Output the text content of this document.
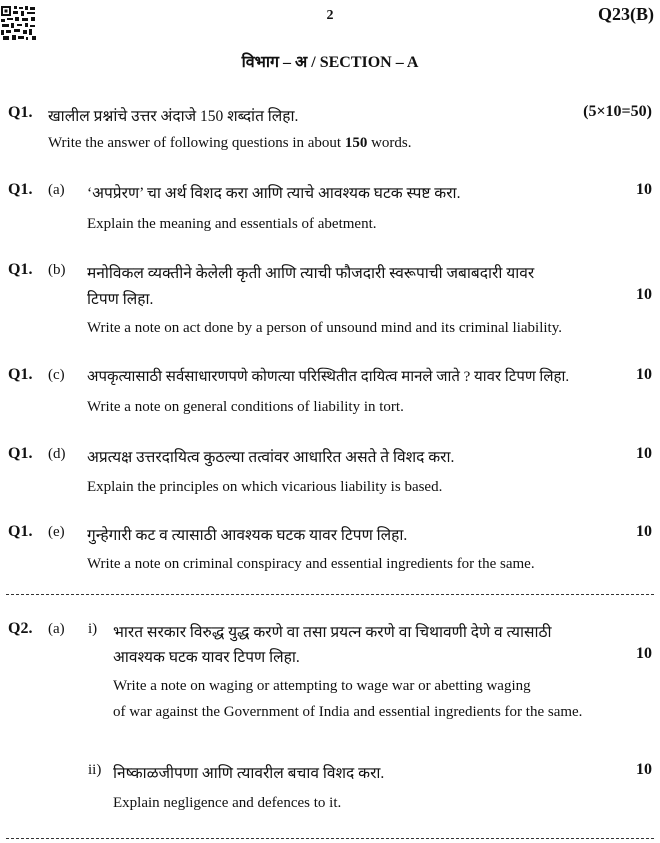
2	Q23(B)
विभाग – अ / SECTION – A
Q1. खालील प्रश्नांचे उत्तर अंदाजे 150 शब्दांत लिहा.	(5×10=50)
Write the answer of following questions in about 150 words.
Q1. (a) ‘अपप्रेरण’ चा अर्थ विशद करा आणि त्याचे आवश्यक घटक स्पष्ट करा.	10
Explain the meaning and essentials of abetment.
Q1. (b) मनोविकल व्यक्तीने केलेली कृती आणि त्याची फौजदारी स्वरूपाची जबाबदारी यावर
टिपण लिहा.	10
Write a note on act done by a person of unsound mind and its criminal liability.
Q1. (c) अपकृत्यासाठी सर्वसाधारणपणे कोणत्या परिस्थितीत दायित्व मानले जाते ? यावर टिपण लिहा.	10
Write a note on general conditions of liability in tort.
Q1. (d) अप्रत्यक्ष उत्तरदायित्व कुठल्या तत्वांवर आधारित असते ते विशद करा.	10
Explain the principles on which vicarious liability is based.
Q1. (e) गुन्हेगारी कट व त्यासाठी आवश्यक घटक यावर टिपण लिहा.	10
Write a note on criminal conspiracy and essential ingredients for the same.
Q2. (a) i) भारत सरकार विरुद्ध युद्ध करणे वा तसा प्रयत्न करणे वा चिथावणी देणे व त्यासाठी
आवश्यक घटक यावर टिपण लिहा.	10
Write a note on waging or attempting to wage war or abetting waging
of war against the Government of India and essential ingredients for the same.
ii) निष्काळजीपणा आणि त्यावरील बचाव विशद करा.	10
Explain negligence and defences to it.
